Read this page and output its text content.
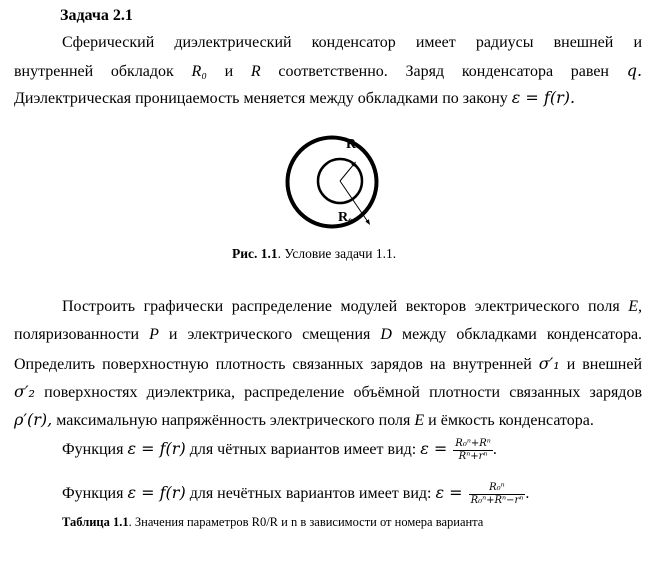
Задача 2.1
Сферический диэлектрический конденсатор имеет радиусы внешней и
внутренней обкладок R₀ и R соответственно. Заряд конденсатора равен q.
Диэлектрическая проницаемость меняется между обкладками по закону ε = f(r).
R
R₀
Рис. 1.1. Условие задачи 1.1.
Построить графически распределение модулей векторов электрического поля E,
поляризованности P и электрического смещения D между обкладками конденсатора.
Определить поверхностную плотность связанных зарядов на внутренней σ′₁ и внешней
σ′₂ поверхностях диэлектрика, распределение объёмной плотности связанных зарядов
ρ′(r), максимальную напряжённость электрического поля E и ёмкость конденсатора.
Функция ε = f(r) для чётных вариантов имеет вид: $\varepsilon = \frac{\text{R₀ⁿ+Rⁿ}}{\text{Rⁿ+rⁿ}}$ .
Функция ε = f(r) для нечётных вариантов имеет вид: $\varepsilon = \frac{\text{R₀ⁿ}}{\text{R₀ⁿ+Rⁿ−rⁿ}}$ .
Таблица 1.1. Значения параметров R0/R и n в зависимости от номера варианта
